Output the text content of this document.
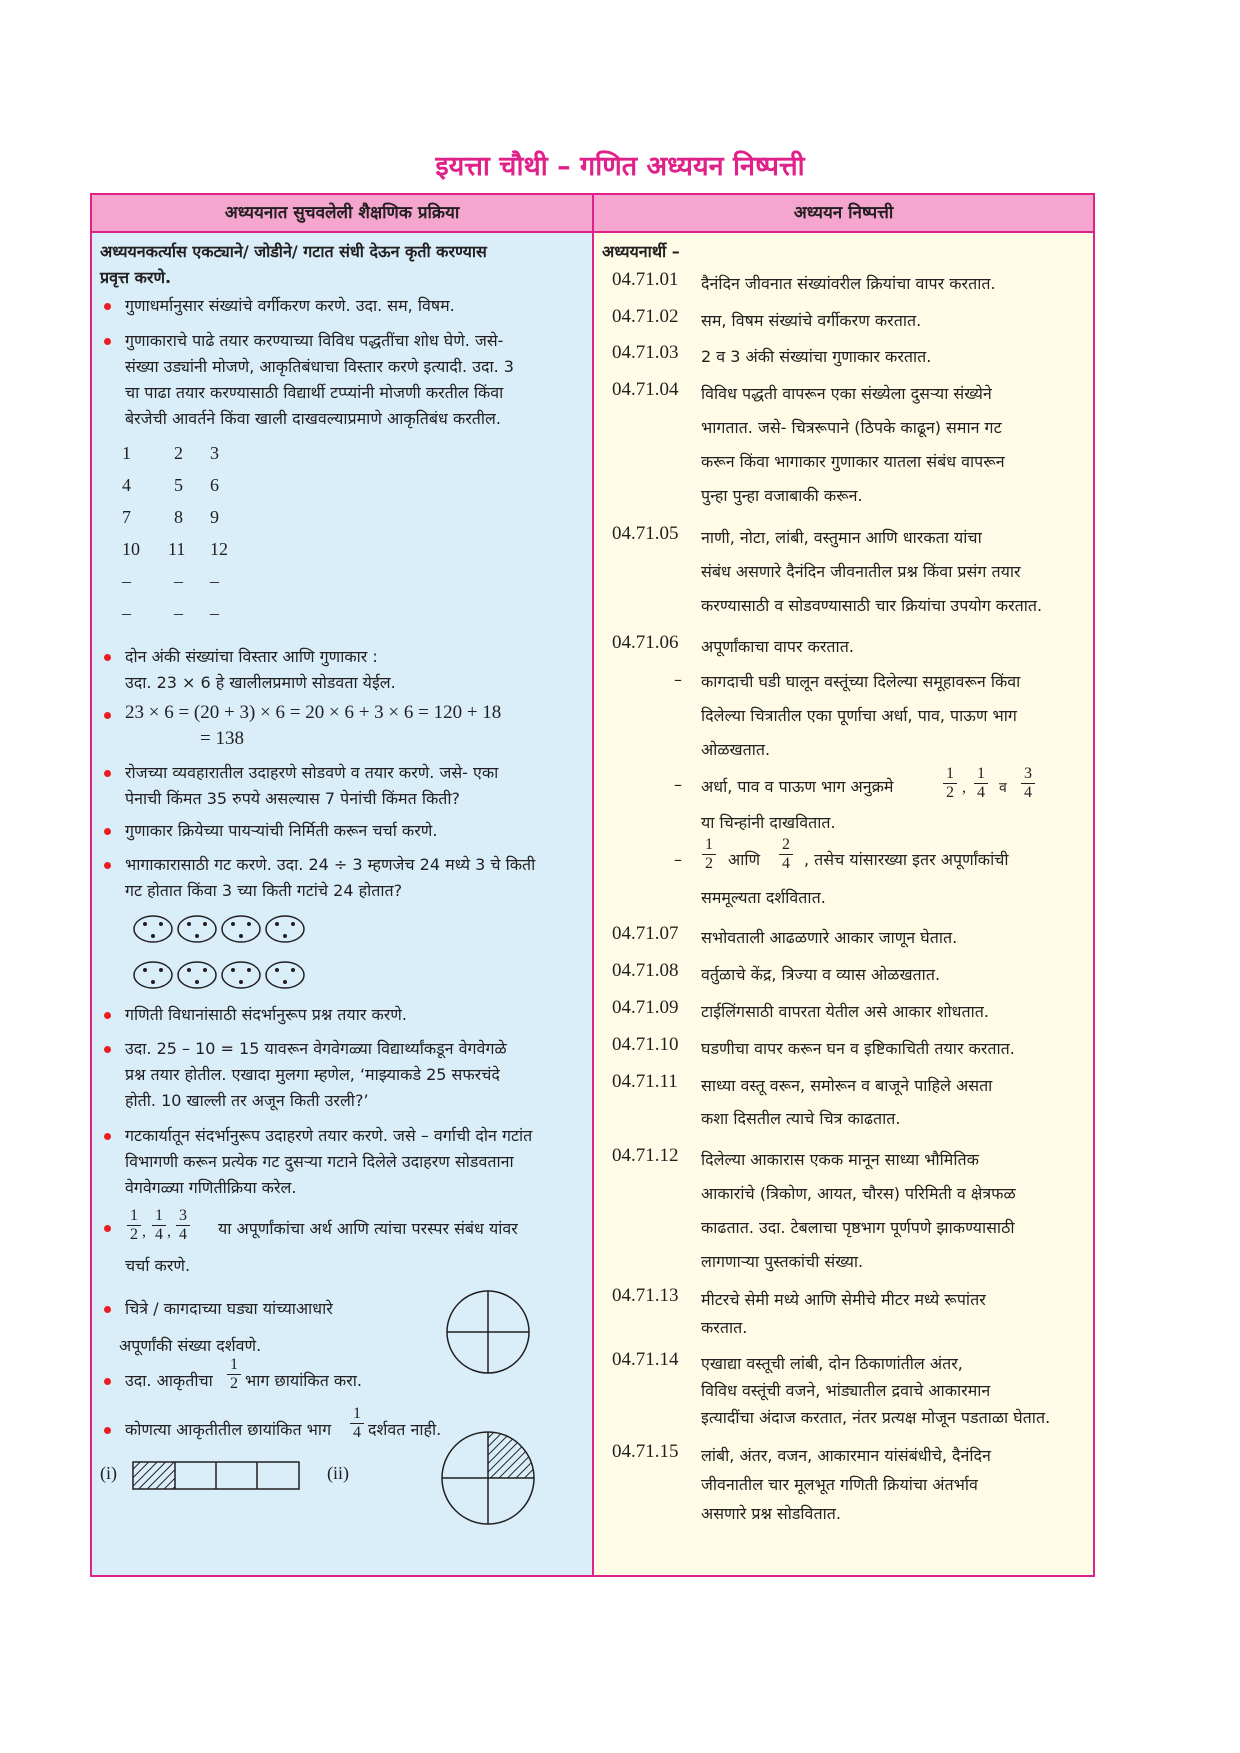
इयत्ता चौथी – गणित अध्ययन निष्पत्ती
अध्ययनात सुचवलेली शैक्षणिक प्रक्रिया	अध्ययन निष्पत्ती
अध्ययनकर्त्यास एकट्याने/ जोडीने/ गटात संधी देऊन कृती करण्यास
प्रवृत्त करणे.
गुणाधर्मानुसार संख्यांचे वर्गीकरण करणे. उदा. सम, विषम.
गुणाकाराचे पाढे तयार करण्याच्या विविध पद्धतींचा शोध घेणे. जसे-
संख्या उड्यांनी मोजणे, आकृतिबंधाचा विस्तार करणे इत्यादी. उदा. 3
चा पाढा तयार करण्यासाठी विद्यार्थी टप्प्यांनी मोजणी करतील किंवा
बेरजेची आवर्तने किंवा खाली दाखवल्याप्रमाणे आकृतिबंध करतील.
1 2 3
4 5 6
7 8 9
10 11 12
– – –
– – –
दोन अंकी संख्यांचा विस्तार आणि गुणाकार :
उदा. 23 × 6 हे खालीलप्रमाणे सोडवता येईल.
23 × 6 = (20 + 3) × 6 = 20 × 6 + 3 × 6 = 120 + 18
= 138
रोजच्या व्यवहारातील उदाहरणे सोडवणे व तयार करणे. जसे- एका
पेनाची किंमत 35 रुपये असल्यास 7 पेनांची किंमत किती?
गुणाकार क्रियेच्या पायऱ्यांची निर्मिती करून चर्चा करणे.
भागाकारासाठी गट करणे. उदा. 24 ÷ 3 म्हणजेच 24 मध्ये 3 चे किती
गट होतात किंवा 3 च्या किती गटांचे 24 होतात?
गणिती विधानांसाठी संदर्भानुरूप प्रश्न तयार करणे.
उदा. 25 – 10 = 15 यावरून वेगवेगळ्या विद्यार्थ्यांकडून वेगवेगळे
प्रश्न तयार होतील. एखादा मुलगा म्हणेल, ‘माझ्याकडे 25 सफरचंदे
होती. 10 खाल्ली तर अजून किती उरली?’
गटकार्यातून संदर्भानुरूप उदाहरणे तयार करणे. जसे – वर्गाची दोन गटांत
विभागणी करून प्रत्येक गट दुसऱ्या गटाने दिलेले उदाहरण सोडवताना
वेगवेगळ्या गणितीक्रिया करेल.
$\frac{1}{2}$ , $\frac{1}{4}$ , $\frac{3}{4}$ या अपूर्णांकांचा अर्थ आणि त्यांचा परस्पर संबंध यांवर
चर्चा करणे.
चित्रे / कागदाच्या घड्या यांच्याआधारे
अपूर्णांकी संख्या दर्शवणे.
उदा. आकृतीचा $\frac{1}{2}$ भाग छायांकित करा.
कोणत्या आकृतीतील छायांकित भाग $\frac{1}{4}$ दर्शवत नाही.
(i)	(ii)
अध्ययनार्थी –
04.71.01 दैनंदिन जीवनात संख्यांवरील क्रियांचा वापर करतात.
04.71.02 सम, विषम संख्यांचे वर्गीकरण करतात.
04.71.03 2 व 3 अंकी संख्यांचा गुणाकार करतात.
04.71.04 विविध पद्धती वापरून एका संख्येला दुसऱ्या संख्येने
भागतात. जसे- चित्ररूपाने (ठिपके काढून) समान गट
करून किंवा भागाकार गुणाकार यातला संबंध वापरून
पुन्हा पुन्हा वजाबाकी करून.
04.71.05 नाणी, नोटा, लांबी, वस्तुमान आणि धारकता यांचा
संबंध असणारे दैनंदिन जीवनातील प्रश्न किंवा प्रसंग तयार
करण्यासाठी व सोडवण्यासाठी चार क्रियांचा उपयोग करतात.
04.71.06 अपूर्णांकाचा वापर करतात.
– कागदाची घडी घालून वस्तूंच्या दिलेल्या समूहावरून किंवा
दिलेल्या चित्रातील एका पूर्णाचा अर्धा, पाव, पाऊण भाग
ओळखतात.
– अर्धा, पाव व पाऊण भाग अनुक्रमे	$\frac{1}{2}$ , $\frac{1}{4}$ व $\frac{3}{4}$
या चिन्हांनी दाखवितात.
– $\frac{1}{2}$ आणि $\frac{2}{4}$ , तसेच यांसारख्या इतर अपूर्णांकांची
सममूल्यता दर्शवितात.
04.71.07 सभोवताली आढळणारे आकार जाणून घेतात.
04.71.08 वर्तुळाचे केंद्र, त्रिज्या व व्यास ओळखतात.
04.71.09 टाईलिंगसाठी वापरता येतील असे आकार शोधतात.
04.71.10 घडणीचा वापर करून घन व इष्टिकाचिती तयार करतात.
04.71.11 साध्या वस्तू वरून, समोरून व बाजूने पाहिले असता
कशा दिसतील त्याचे चित्र काढतात.
04.71.12 दिलेल्या आकारास एकक मानून साध्या भौमितिक
आकारांचे (त्रिकोण, आयत, चौरस) परिमिती व क्षेत्रफळ
काढतात. उदा. टेबलाचा पृष्ठभाग पूर्णपणे झाकण्यासाठी
लागणाऱ्या पुस्तकांची संख्या.
04.71.13 मीटरचे सेमी मध्ये आणि सेमीचे मीटर मध्ये रूपांतर
करतात.
04.71.14 एखाद्या वस्तूची लांबी, दोन ठिकाणांतील अंतर,
विविध वस्तूंची वजने, भांड्यातील द्रवाचे आकारमान
इत्यादींचा अंदाज करतात, नंतर प्रत्यक्ष मोजून पडताळा घेतात.
04.71.15 लांबी, अंतर, वजन, आकारमान यांसंबंधीचे, दैनंदिन
जीवनातील चार मूलभूत गणिती क्रियांचा अंतर्भाव
असणारे प्रश्न सोडवितात.
